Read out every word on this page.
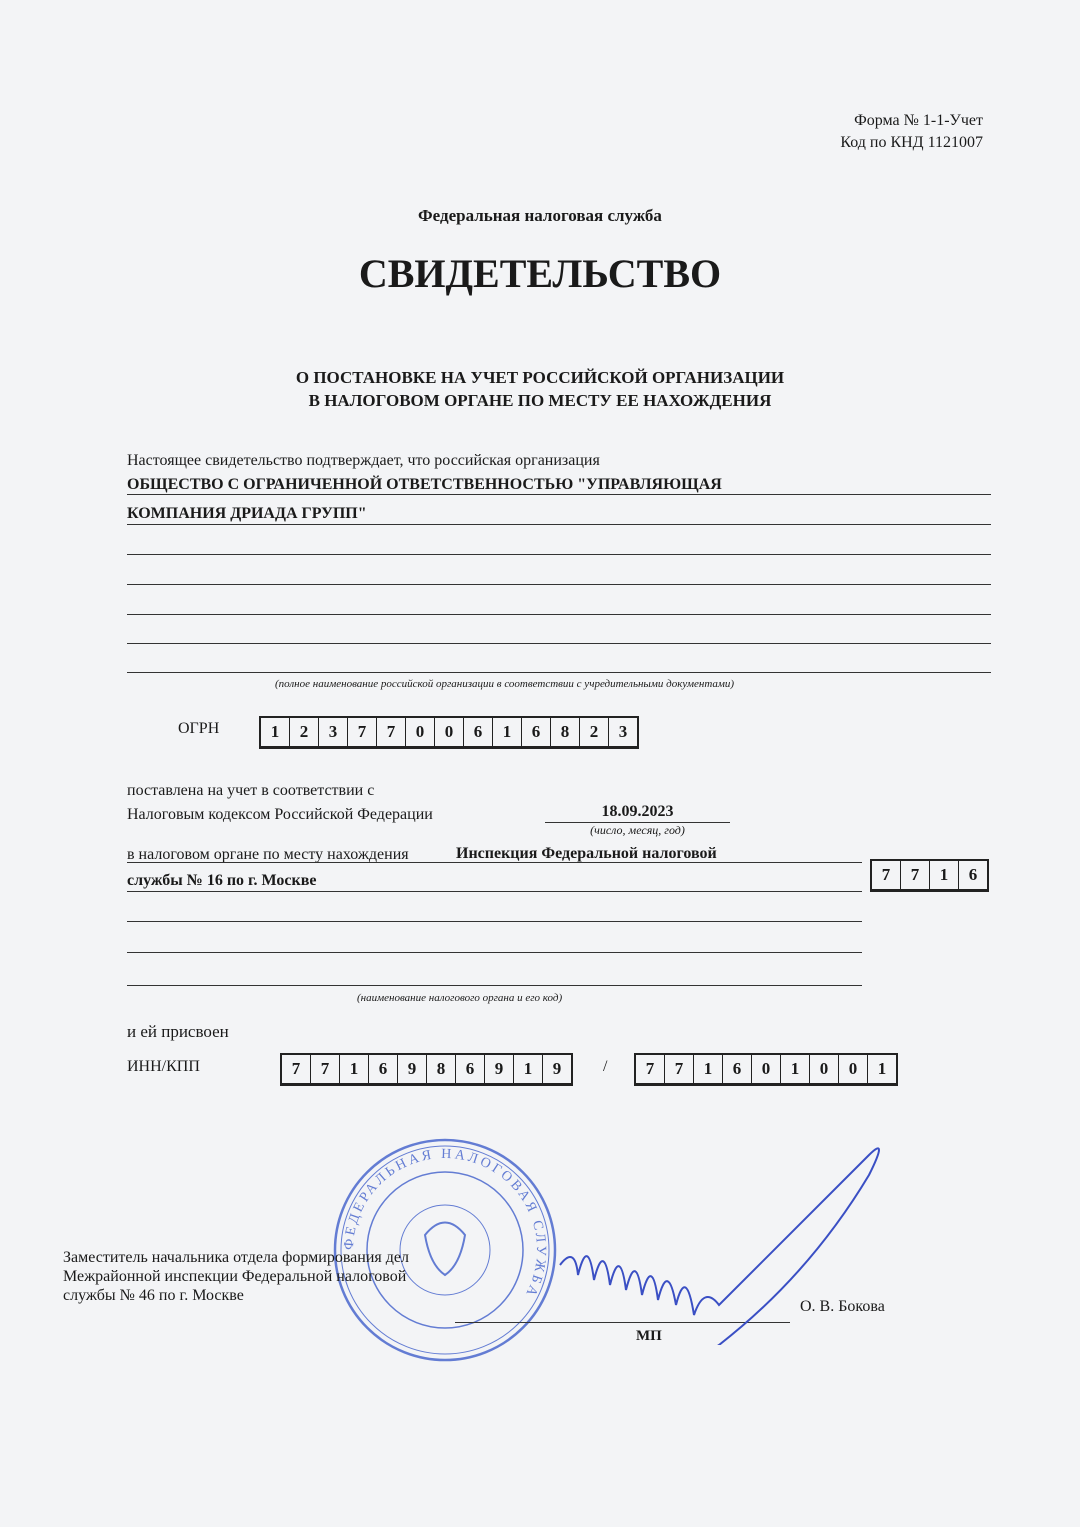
Форма № 1-1-Учет
Код по КНД 1121007
Федеральная налоговая служба
СВИДЕТЕЛЬСТВО
О ПОСТАНОВКЕ НА УЧЕТ РОССИЙСКОЙ ОРГАНИЗАЦИИ
В НАЛОГОВОМ ОРГАНЕ ПО МЕСТУ ЕЕ НАХОЖДЕНИЯ
Настоящее свидетельство подтверждает, что российская организация
ОБЩЕСТВО С ОГРАНИЧЕННОЙ ОТВЕТСТВЕННОСТЬЮ "УПРАВЛЯЮЩАЯ
КОМПАНИЯ ДРИАДА ГРУПП"
(полное наименование российской организации в соответствии с учредительными документами)
ОГРН	1	2	3	7	7	0	0	6	1	6	8	2	3
поставлена на учет в соответствии с
Налоговым кодексом Российской Федерации	18.09.2023
(число, месяц, год)
в налоговом органе по месту нахождения	Инспекция Федеральной налоговой
службы № 16 по г. Москве	7	7	1	6
(наименование налогового органа и его код)
и ей присвоен
ИНН/КПП	7	7	1	6	9	8	6	9	1	9	/	7	7	1	6	0	1	0	0	1
ФЕДЕРАЛЬНАЯ НАЛОГОВАЯ СЛУЖБА
Заместитель начальника отдела формирования дел
Межрайонной инспекции Федеральной налоговой
службы № 46 по г. Москве
О. В. Бокова
МП
